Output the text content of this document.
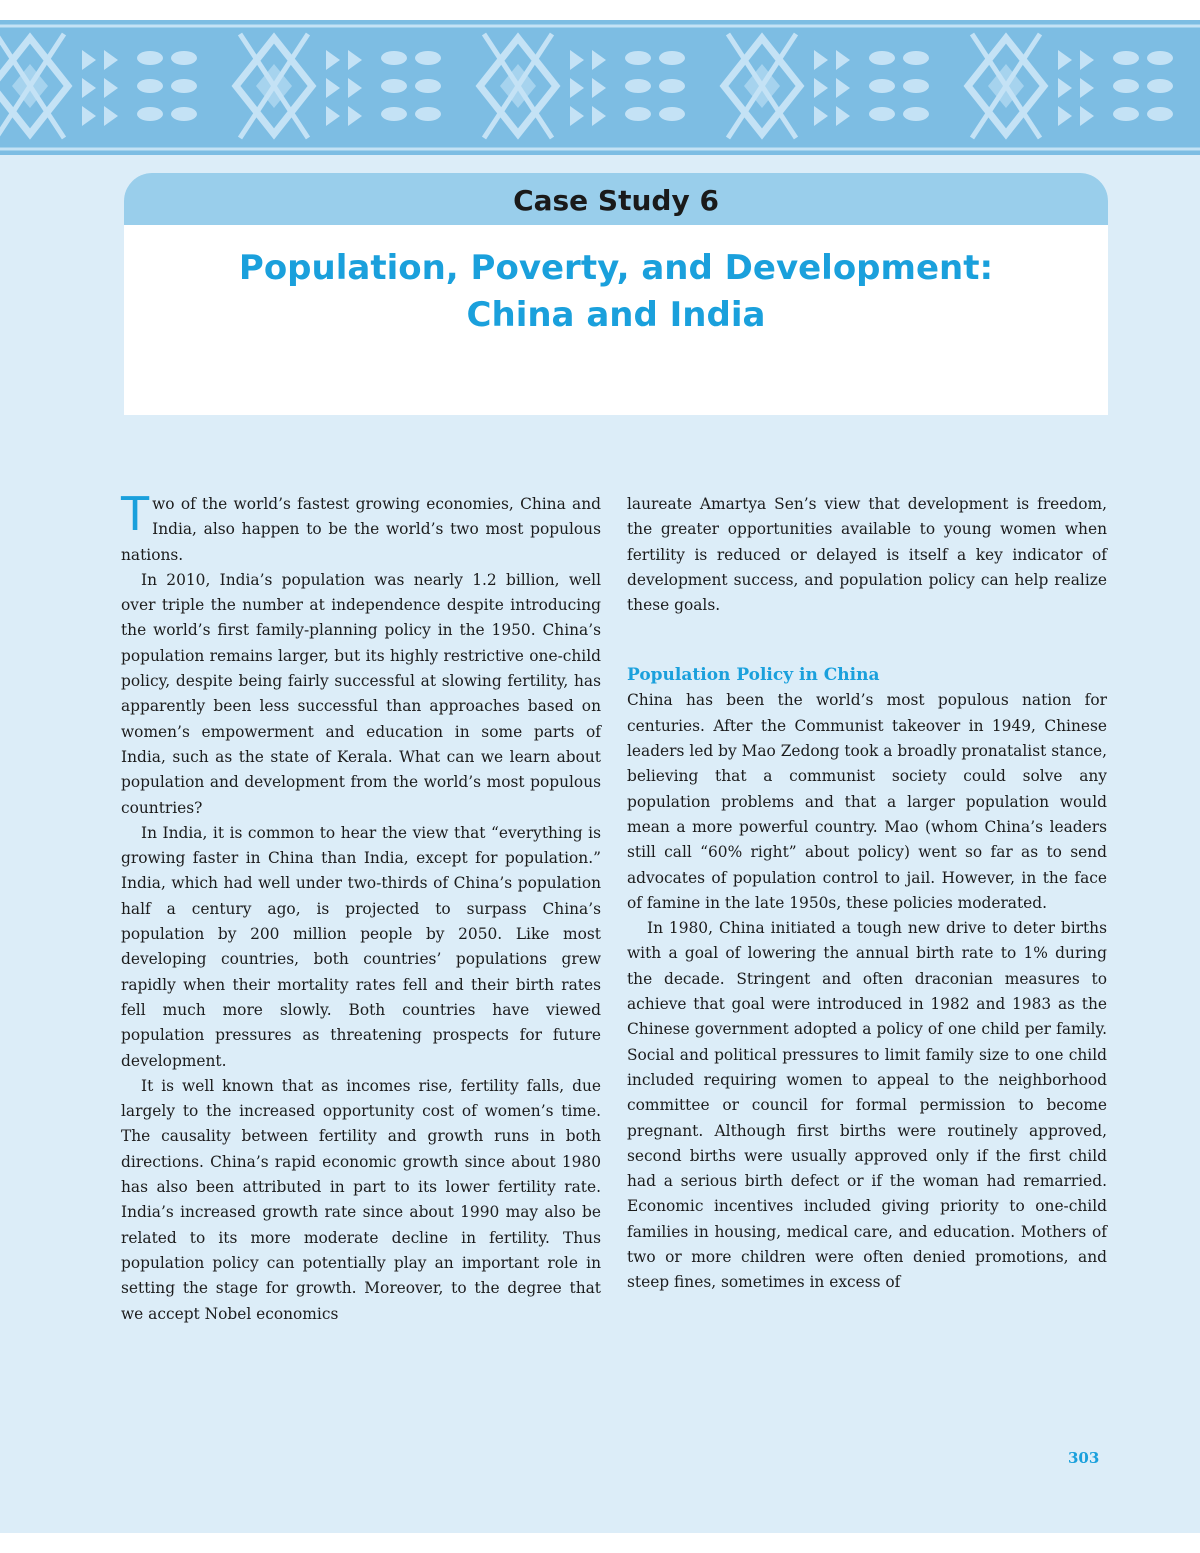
Case Study 6
Population, Poverty, and Development:
China and India

Two of the world’s fastest growing economies, China and India, also happen to be the world’s two most populous nations.

In 2010, India’s population was nearly 1.2 billion, well over triple the number at independence despite introducing the world’s first family-planning policy in the 1950. China’s population remains larger, but its highly restrictive one-child policy, despite being fairly successful at slowing fertility, has apparently been less successful than approaches based on women’s empowerment and education in some parts of India, such as the state of Kerala. What can we learn about population and development from the world’s most populous countries?

In India, it is common to hear the view that “everything is growing faster in China than India, except for population.” India, which had well under two-thirds of China’s population half a century ago, is projected to surpass China’s population by 200 million people by 2050. Like most developing countries, both countries’ populations grew rapidly when their mortality rates fell and their birth rates fell much more slowly. Both countries have viewed population pressures as threatening prospects for future development.

It is well known that as incomes rise, fertility falls, due largely to the increased opportunity cost of women’s time. The causality between fertility and growth runs in both directions. China’s rapid economic growth since about 1980 has also been attributed in part to its lower fertility rate. India’s increased growth rate since about 1990 may also be related to its more moderate decline in fertility. Thus population policy can potentially play an important role in setting the stage for growth. Moreover, to the degree that we accept Nobel economics

laureate Amartya Sen’s view that development is freedom, the greater opportunities available to young women when fertility is reduced or delayed is itself a key indicator of development success, and population policy can help realize these goals.

Population Policy in China

China has been the world’s most populous nation for centuries. After the Communist takeover in 1949, Chinese leaders led by Mao Zedong took a broadly pronatalist stance, believing that a communist society could solve any population problems and that a larger population would mean a more powerful country. Mao (whom China’s leaders still call “60% right” about policy) went so far as to send advocates of population control to jail. However, in the face of famine in the late 1950s, these policies moderated.

In 1980, China initiated a tough new drive to deter births with a goal of lowering the annual birth rate to 1% during the decade. Stringent and often draconian measures to achieve that goal were introduced in 1982 and 1983 as the Chinese government adopted a policy of one child per family. Social and political pressures to limit family size to one child included requiring women to appeal to the neighborhood committee or council for formal permission to become pregnant. Although first births were routinely approved, second births were usually approved only if the first child had a serious birth defect or if the woman had remarried. Economic incentives included giving priority to one-child families in housing, medical care, and education. Mothers of two or more children were often denied promotions, and steep fines, sometimes in excess of

303
